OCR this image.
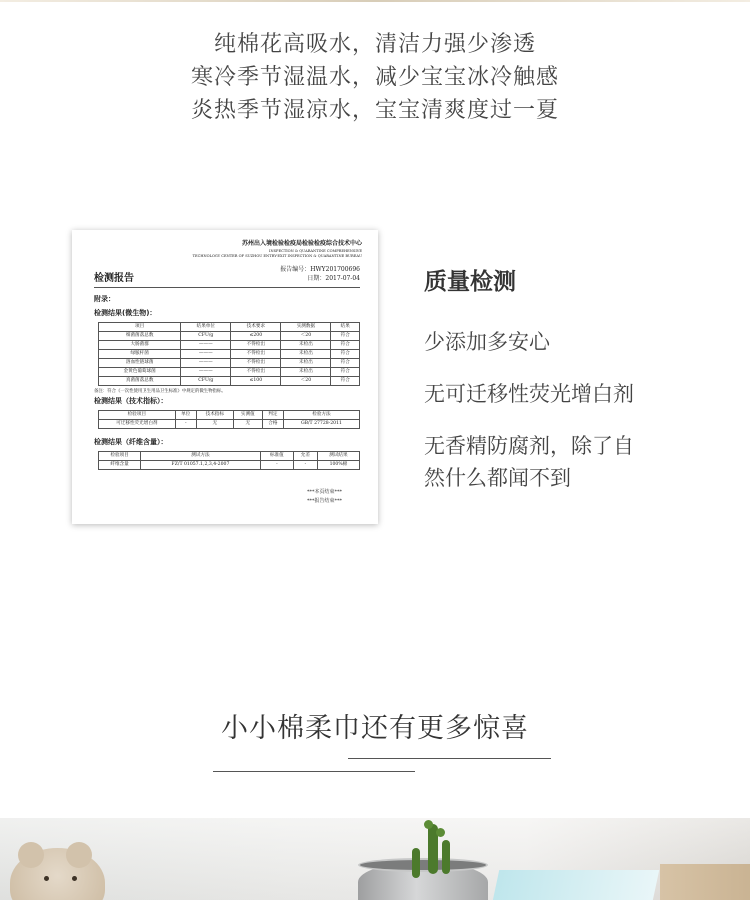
纯棉花高吸水，清洁力强少渗透
寒冷季节湿温水，减少宝宝冰冷触感
炎热季节湿凉水，宝宝清爽度过一夏
苏州出入境检验检疫局检验检疫综合技术中心
INSPECTION & QUARANTINE COMPREHENSIVE
TECHNOLOGY CENTER OF SUZHOU ENTRY-EXIT INSPECTION & QUARANTINE BUREAU
检测报告
报告编号：HWY201700696
日期：2017-07-04
附录：
检测结果(微生物)：
项目	结果单位	技术要求	实测数据	结果
细菌菌落总数	CFU/g	≤200	＜20	符合
大肠菌群	———	不得检出	未检出	符合
绿脓杆菌	———	不得检出	未检出	符合
溶血性链球菌	———	不得检出	未检出	符合
金黄色葡萄球菌	———	不得检出	未检出	符合
真菌菌落总数	CFU/g	≤100	＜20	符合
备注：符合《一次性使用卫生用品卫生标准》中规定的微生物指标。
检测结果（技术指标）：
检验项目	单位	技术指标	实测值	判定	检验方法
可迁移性荧光增白剂	-	无	无	合格	GB/T 27728-2011
检测结果（纤维含量）：
检验项目	测试方法	标准值	允差	测试结果
纤维含量	FZ/T 01057.1,2,3,4-2007	-	-	100%棉
***本页结束***
***报告结束***
质量检测
少添加多安心
无可迁移性荧光增白剂
无香精防腐剂，除了自
然什么都闻不到
小小棉柔巾还有更多惊喜
